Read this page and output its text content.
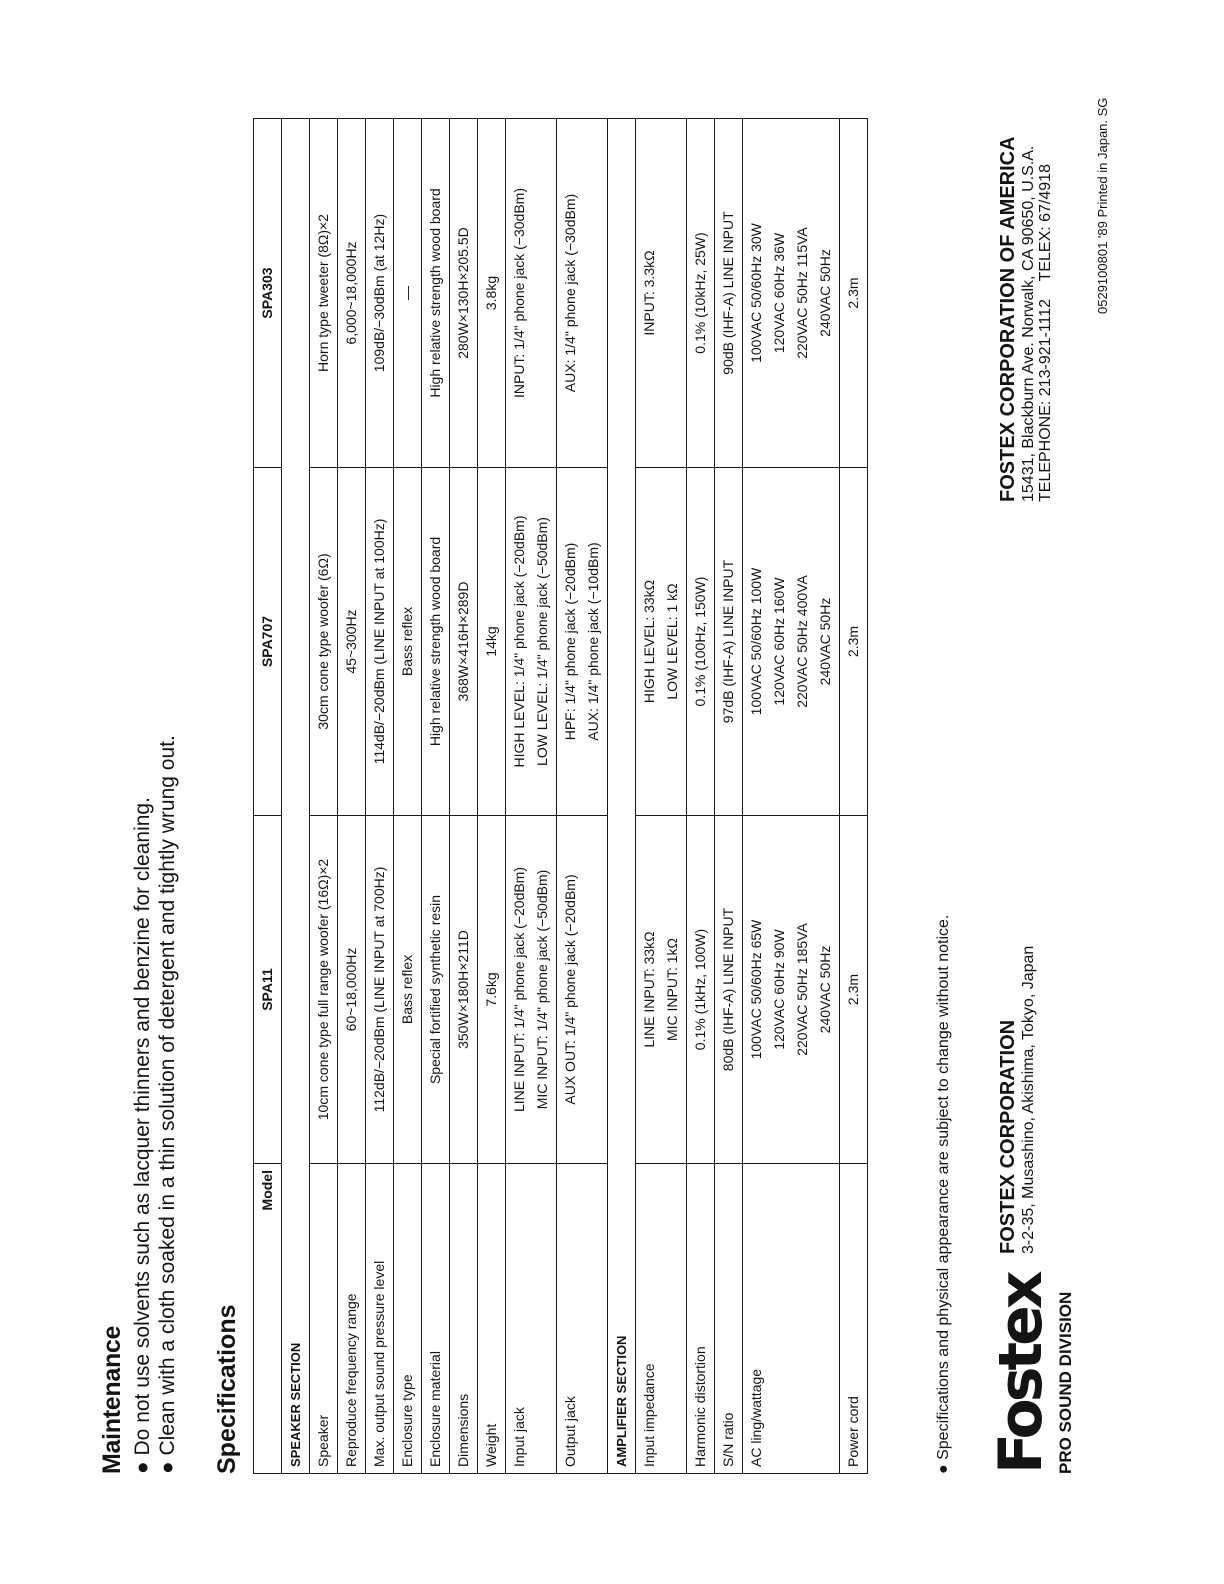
Maintenance ● Do not use solvents such as lacquer thinners and benzine for cleaning. ● Clean with a cloth soaked in a thin solution of detergent and tightly wrung out. Specifications
Model	SPA11	SPA707	SPA303
SPEAKER SECTION			
Speaker	10cm cone type full range woofer (16Ω)×2	30cm cone type woofer (6Ω)	Horn type tweeter (8Ω)×2

Reproduce frequency range	60~18,000Hz	45~300Hz	6,000~18,000Hz

Max. output sound pressure level	112dB/−20dBm (LINE INPUT at 700Hz)	114dB/−20dBm (LINE INPUT at 100Hz)	109dB/−30dBm (at 12Hz)

Enclosure type	Bass reflex	Bass reflex	—

Enclosure material	Special fortified synthetic resin	High relative strength wood board	High relative strength wood board

Dimensions	350W×180H×211D	368W×416H×289D	280W×130H×205.5D

Weight	7.6kg	14kg	3.8kg

Input jack	LINE INPUT: 1/4" phone jack (−20dBm) MIC INPUT: 1/4" phone jack (−50dBm)	HIGH LEVEL: 1/4" phone jack (−20dBm) LOW LEVEL: 1/4" phone jack (−50dBm)	INPUT: 1/4" phone jack (−30dBm)

Output jack	AUX OUT: 1/4" phone jack (−20dBm)	HPF: 1/4" phone jack (−20dBm) AUX: 1/4" phone jack (−10dBm)	AUX: 1/4" phone jack (−30dBm)

AMPLIFIER SECTION			
Input impedance	LINE INPUT: 33kΩ MIC INPUT: 1kΩ	HIGH LEVEL: 33kΩ LOW LEVEL: 1 kΩ	INPUT: 3.3kΩ

Harmonic distortion	0.1% (1kHz, 100W)	0.1% (100Hz, 150W)	0.1% (10kHz, 25W)

S/N ratio	80dB (IHF-A) LINE INPUT	97dB (IHF-A) LINE INPUT	90dB (IHF-A) LINE INPUT

AC ling/wattage	100VAC 50/60Hz 65W 120VAC 60Hz 90W 220VAC 50Hz 185VA 240VAC 50Hz	100VAC 50/60Hz 100W 120VAC 60Hz 160W 220VAC 50Hz 400VA 240VAC 50Hz	100VAC 50/60Hz 30W 120VAC 60Hz 36W 220VAC 50Hz 115VA 240VAC 50Hz

Power cord	2.3m	2.3m	2.3m
● Specifications and physical appearance are subject to change without notice. Fostex PRO SOUND DIVISION
FOSTEX CORPORATION 3-2-35, Musashino, Akishima, Tokyo, Japan
FOSTEX CORPORATION OF AMERICA 15431, Blackburn Ave. Norwalk, CA 90650, U.S.A. TELEPHONE: 213-921-1112    TELEX: 67/4918	0529100801 '89 Printed in Japan. SG
